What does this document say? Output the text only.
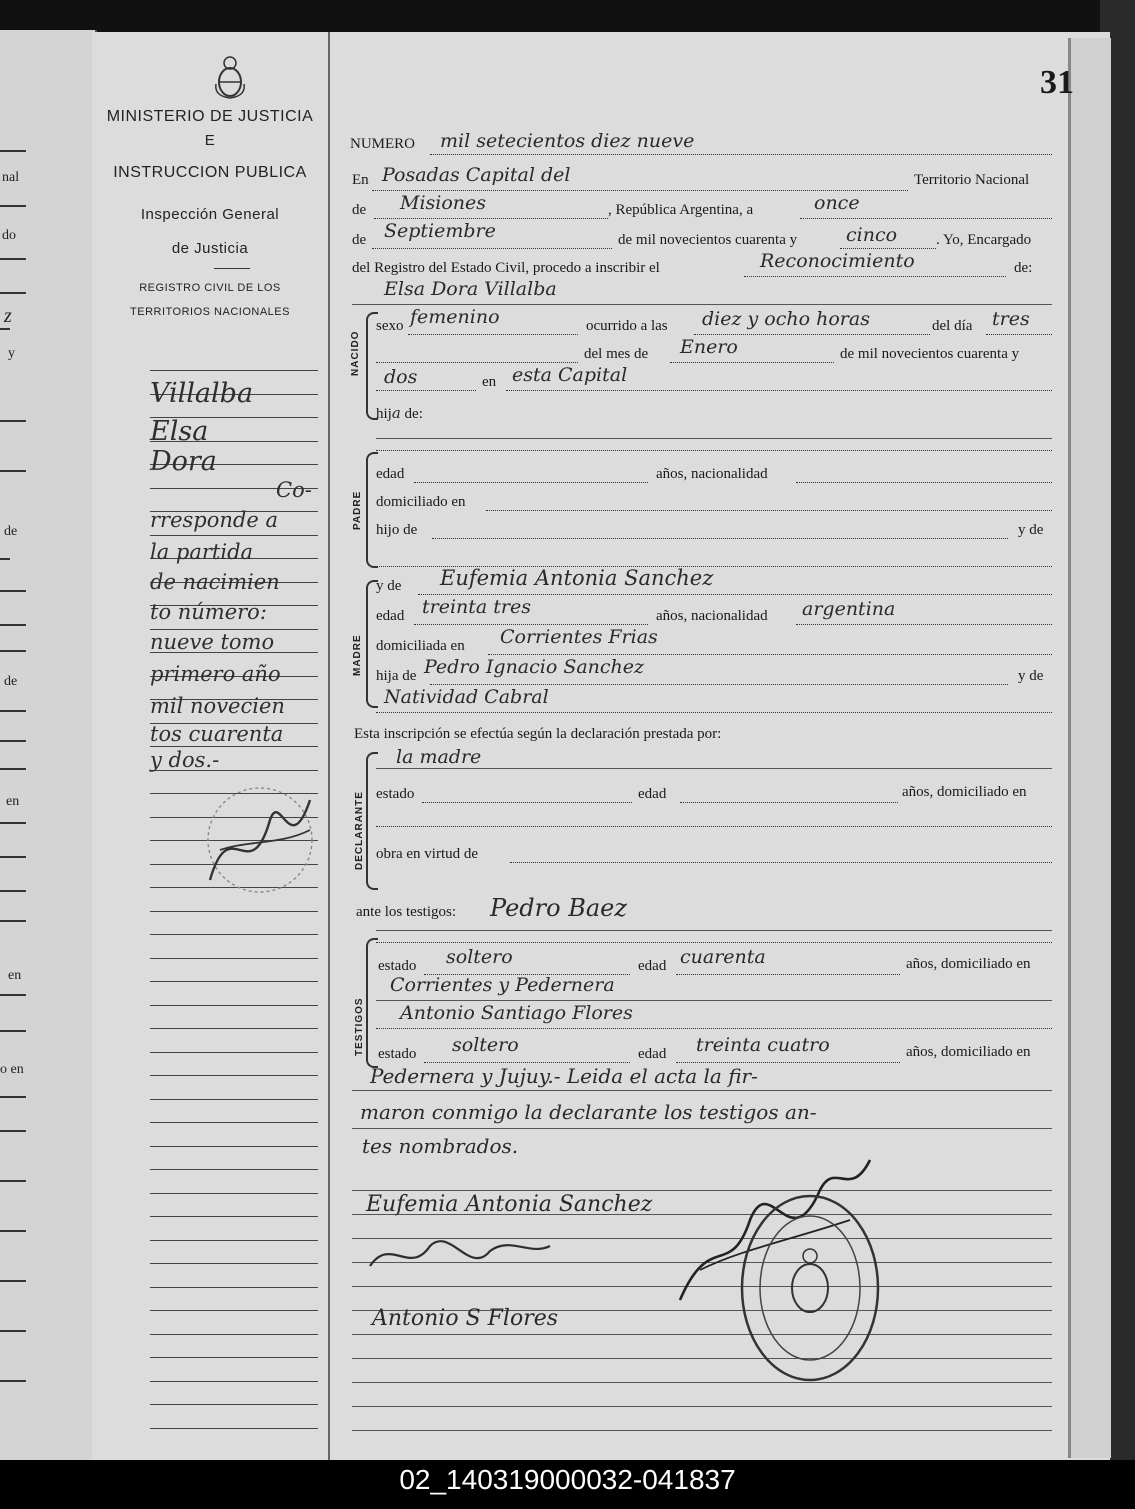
nal
do
z
y
de
de
en
en
o en
31
MINISTERIO DE JUSTICIA
E
INSTRUCCION PUBLICA
Inspección General
de Justicia
REGISTRO CIVIL DE LOS
TERRITORIOS NACIONALES
Villalba
Elsa
Dora
Co-
rresponde a
la partida
de nacimien
to número:
nueve tomo
primero año
mil novecien
tos cuarenta
y dos.-
NUMERO mil setecientos diez nueve
En Posadas Capital del	Territorio Nacional
de Misiones	, República Argentina, a	once
de Septiembre	de mil novecientos cuarenta y	cinco	. Yo, Encargado
del Registro del Estado Civil, procedo a inscribir el	Reconocimiento	de:
Elsa Dora Villalba
NACIDO
sexo femenino	ocurrido a las diez y ocho horas	del día tres
del mes de Enero	de mil novecientos cuarenta y
dos	en esta Capital
hija de:
PADRE
edad	años, nacionalidad
domiciliado en
hijo de	y de
MADRE
y de Eufemia Antonia Sanchez
edad treinta tres	años, nacionalidad argentina
domiciliada en Corrientes Frias
hija de Pedro Ignacio Sanchez	y de
Natividad Cabral
Esta inscripción se efectúa según la declaración prestada por:
DECLARANTE
la madre
estado	edad	años, domiciliado en
obra en virtud de
ante los testigos: Pedro Baez
TESTIGOS
estado soltero	edad cuarenta	años, domiciliado en
Corrientes y Pedernera
Antonio Santiago Flores
estado soltero	edad treinta cuatro	años, domiciliado en
Pedernera y Jujuy.- Leida el acta la fir-
maron conmigo la declarante los testigos an-
tes nombrados.
Eufemia Antonia Sanchez
Antonio S Flores
02_140319000032-041837
